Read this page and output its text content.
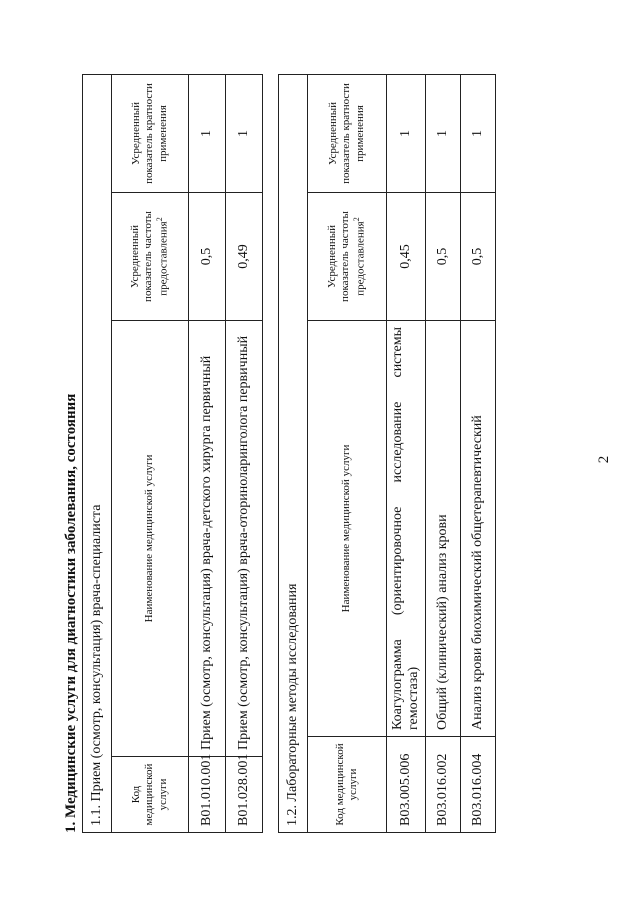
2
1. Медицинские услуги для диагностики заболевания, состояния 1.1. Прием (осмотр, консультация) врача-специалиста			
Код медицинской услуги	Наименование медицинской услуги	Усредненный показатель частоты предоставления$^2$	Усредненный показатель кратности применения
B01.010.001	Прием (осмотр, консультация) врача-детского хирурга первичный	0,5	1
B01.028.001	Прием (осмотр, консультация) врача-оториноларинголога первичный	0,49	1
1.2. Лабораторные методы исследования			
Код медицинской услуги	Наименование медицинской услуги	Усредненный показатель частоты предоставления$^2$	Усредненный показатель кратности применения
B03.005.006	Коагулограмма (ориентировочное исследование системы гемостаза)	0,45	1
B03.016.002	Общий (клинический) анализ крови	0,5	1
B03.016.004	Анализ крови биохимический общетерапевтический	0,5	1
